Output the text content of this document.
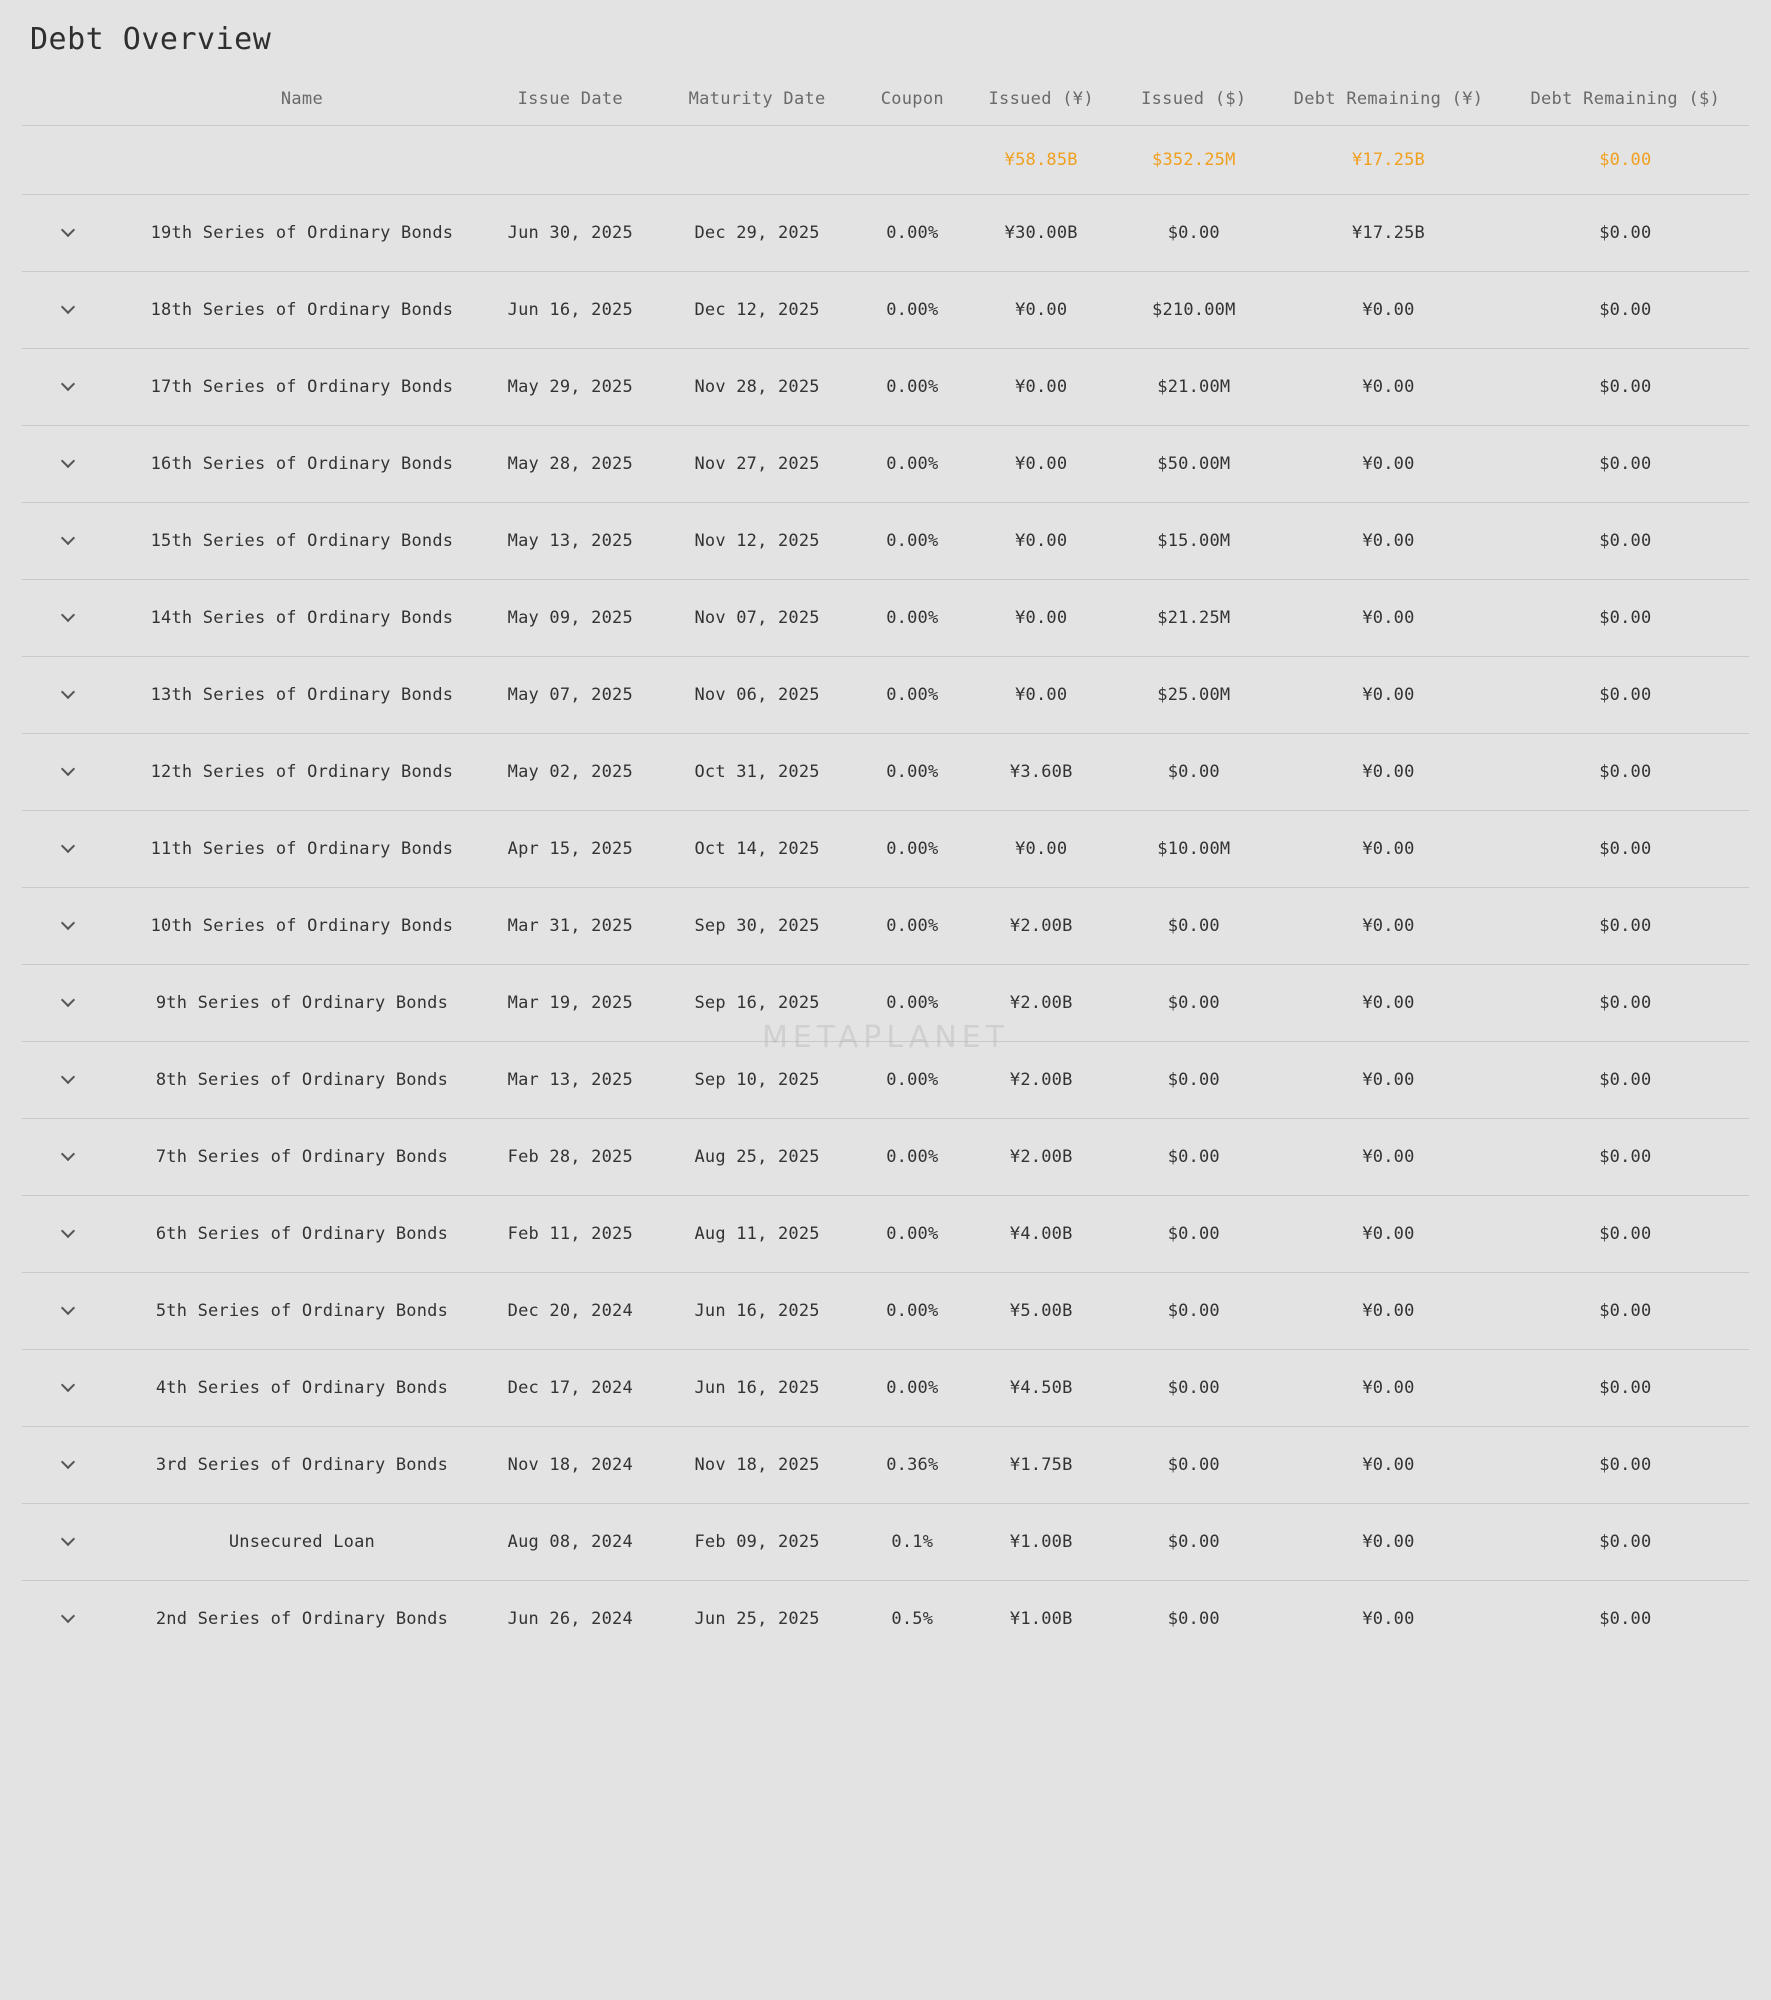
Debt Overview
METAPLANET
	Name	Issue Date	Maturity Date	Coupon	Issued (¥)	Issued ($)	Debt Remaining (¥)	Debt Remaining ($)
					¥58.85B	$352.25M	¥17.25B	$0.00
	19th Series of Ordinary Bonds	Jun 30, 2025	Dec 29, 2025	0.00%	¥30.00B	$0.00	¥17.25B	$0.00
	18th Series of Ordinary Bonds	Jun 16, 2025	Dec 12, 2025	0.00%	¥0.00	$210.00M	¥0.00	$0.00
	17th Series of Ordinary Bonds	May 29, 2025	Nov 28, 2025	0.00%	¥0.00	$21.00M	¥0.00	$0.00
	16th Series of Ordinary Bonds	May 28, 2025	Nov 27, 2025	0.00%	¥0.00	$50.00M	¥0.00	$0.00
	15th Series of Ordinary Bonds	May 13, 2025	Nov 12, 2025	0.00%	¥0.00	$15.00M	¥0.00	$0.00
	14th Series of Ordinary Bonds	May 09, 2025	Nov 07, 2025	0.00%	¥0.00	$21.25M	¥0.00	$0.00
	13th Series of Ordinary Bonds	May 07, 2025	Nov 06, 2025	0.00%	¥0.00	$25.00M	¥0.00	$0.00
	12th Series of Ordinary Bonds	May 02, 2025	Oct 31, 2025	0.00%	¥3.60B	$0.00	¥0.00	$0.00
	11th Series of Ordinary Bonds	Apr 15, 2025	Oct 14, 2025	0.00%	¥0.00	$10.00M	¥0.00	$0.00
	10th Series of Ordinary Bonds	Mar 31, 2025	Sep 30, 2025	0.00%	¥2.00B	$0.00	¥0.00	$0.00
	9th Series of Ordinary Bonds	Mar 19, 2025	Sep 16, 2025	0.00%	¥2.00B	$0.00	¥0.00	$0.00
	8th Series of Ordinary Bonds	Mar 13, 2025	Sep 10, 2025	0.00%	¥2.00B	$0.00	¥0.00	$0.00
	7th Series of Ordinary Bonds	Feb 28, 2025	Aug 25, 2025	0.00%	¥2.00B	$0.00	¥0.00	$0.00
	6th Series of Ordinary Bonds	Feb 11, 2025	Aug 11, 2025	0.00%	¥4.00B	$0.00	¥0.00	$0.00
	5th Series of Ordinary Bonds	Dec 20, 2024	Jun 16, 2025	0.00%	¥5.00B	$0.00	¥0.00	$0.00
	4th Series of Ordinary Bonds	Dec 17, 2024	Jun 16, 2025	0.00%	¥4.50B	$0.00	¥0.00	$0.00
	3rd Series of Ordinary Bonds	Nov 18, 2024	Nov 18, 2025	0.36%	¥1.75B	$0.00	¥0.00	$0.00
	Unsecured Loan	Aug 08, 2024	Feb 09, 2025	0.1%	¥1.00B	$0.00	¥0.00	$0.00
	2nd Series of Ordinary Bonds	Jun 26, 2024	Jun 25, 2025	0.5%	¥1.00B	$0.00	¥0.00	$0.00
